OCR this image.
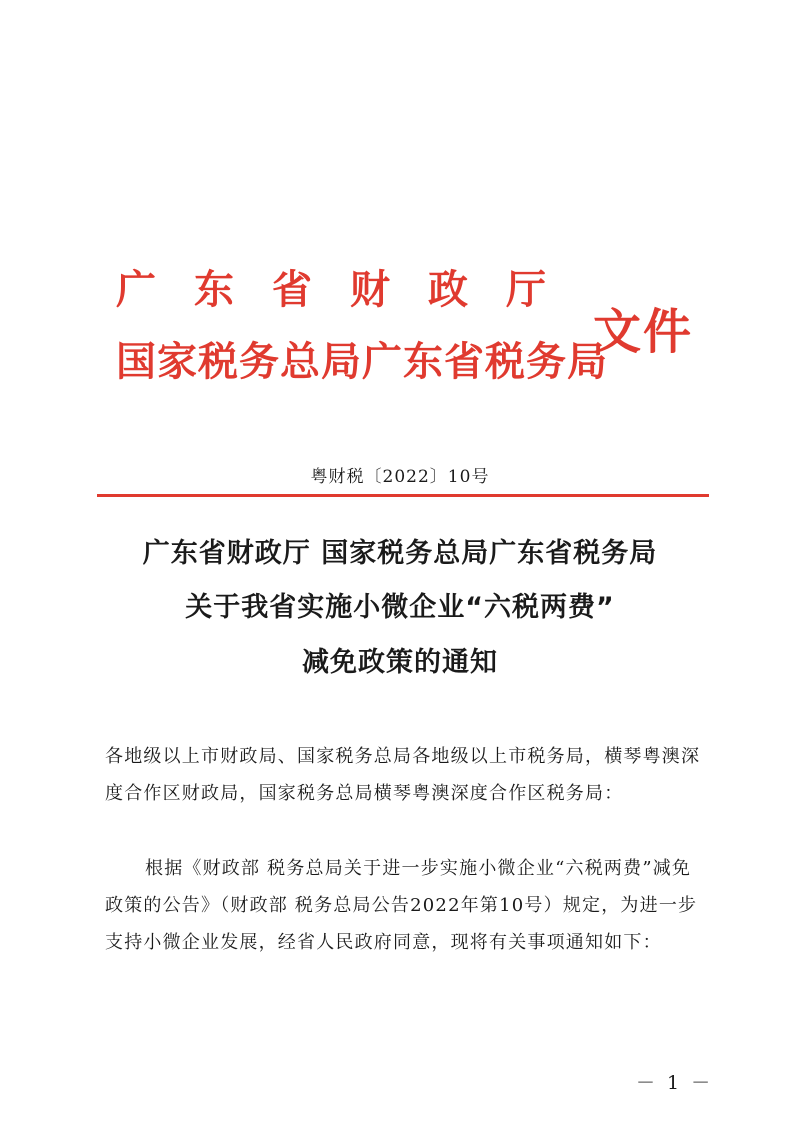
广东省财政厅
国家税务总局广东省税务局
文件
粤财税〔2022〕10号
广东省财政厅 国家税务总局广东省税务局
关于我省实施小微企业“六税两费”
减免政策的通知
各地级以上市财政局、国家税务总局各地级以上市税务局，横琴粤澳深度合作区财政局，国家税务总局横琴粤澳深度合作区税务局：
根据《财政部 税务总局关于进一步实施小微企业“六税两费”减免政策的公告》（财政部 税务总局公告2022年第10号）规定，为进一步支持小微企业发展，经省人民政府同意，现将有关事项通知如下：
－ 1 －
